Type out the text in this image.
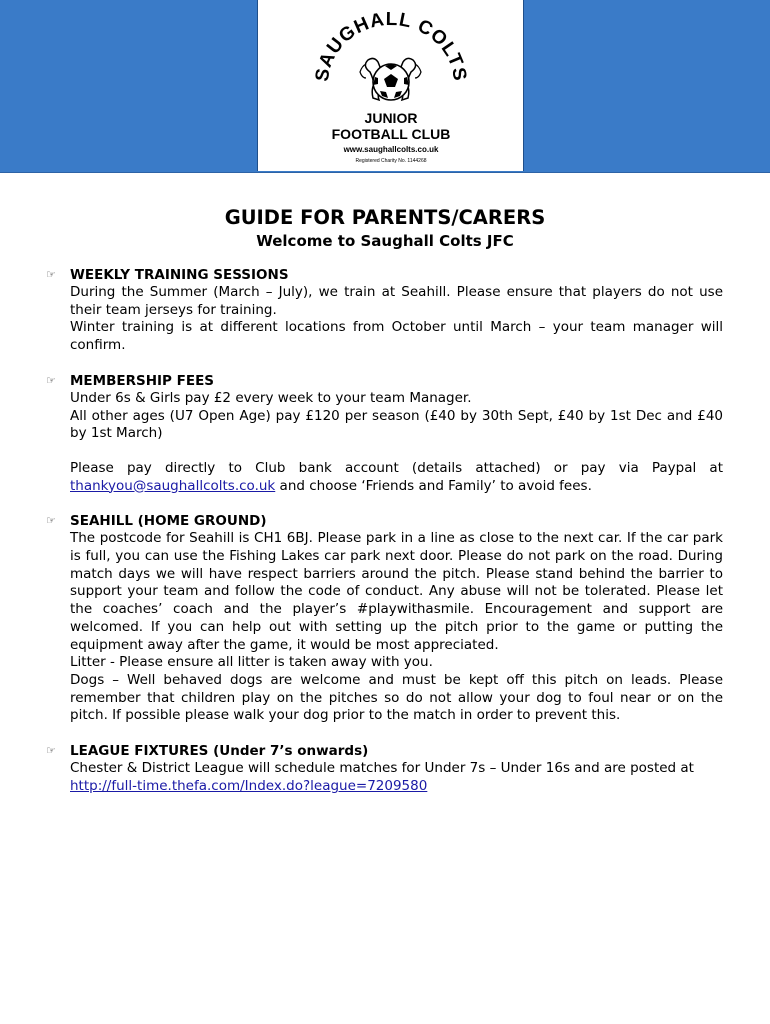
SAUGHALL COLTS
JUNIOR
FOOTBALL CLUB
www.saughallcolts.co.uk
Registered Charity No. 1144268
GUIDE FOR PARENTS/CARERS
Welcome to Saughall Colts JFC
☞	WEEKLY TRAINING SESSIONS

During the Summer (March – July), we train at Seahill. Please ensure that players do not use their team jerseys for training.

Winter training is at different locations from October until March – your team manager will confirm.

☞	MEMBERSHIP FEES

Under 6s & Girls pay £2 every week to your team Manager.

All other ages (U7 Open Age) pay £120 per season (£40 by 30th Sept, £40 by 1st Dec and £40 by 1st March)

Please pay directly to Club bank account (details attached) or pay via Paypal at thankyou@saughallcolts.co.uk and choose ‘Friends and Family’ to avoid fees.

☞	SEAHILL (HOME GROUND)

The postcode for Seahill is CH1 6BJ. Please park in a line as close to the next car. If the car park is full, you can use the Fishing Lakes car park next door. Please do not park on the road. During match days we will have respect barriers around the pitch. Please stand behind the barrier to support your team and follow the code of conduct. Any abuse will not be tolerated. Please let the coaches’ coach and the player’s #playwithasmile. Encouragement and support are welcomed. If you can help out with setting up the pitch prior to the game or putting the equipment away after the game, it would be most appreciated.

Litter - Please ensure all litter is taken away with you.

Dogs – Well behaved dogs are welcome and must be kept off this pitch on leads. Please remember that children play on the pitches so do not allow your dog to foul near or on the pitch. If possible please walk your dog prior to the match in order to prevent this.

☞	LEAGUE FIXTURES (Under 7’s onwards)

Chester & District League will schedule matches for Under 7s – Under 16s and are posted at

http://full-time.thefa.com/Index.do?league=7209580
